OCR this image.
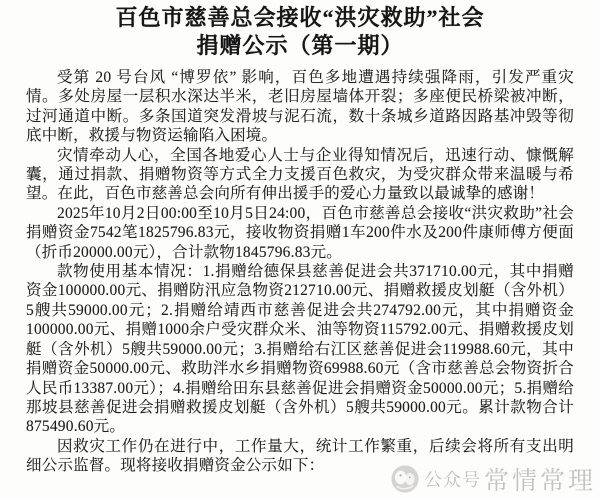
百色市慈善总会接收“洪灾救助”社会
捐赠公示（第一期）

受第 20 号台风 “博罗依” 影响，百色多地遭遇持续强降雨，引发严重灾情。多处房屋一层积水深达半米，老旧房屋墙体开裂；多座便民桥梁被冲断，过河通道中断。多条国道突发滑坡与泥石流，数十条城乡道路因路基冲毁等彻底中断，救援与物资运输陷入困境。

灾情牵动人心，全国各地爱心人士与企业得知情况后，迅速行动、慷慨解囊，通过捐款、捐赠物资等方式全力支援百色救灾，为受灾群众带来温暖与希望。在此，百色市慈善总会向所有伸出援手的爱心力量致以最诚挚的感谢！

2025年10月2日00:00至10月5日24:00，百色市慈善总会接收“洪灾救助”社会捐赠资金7542笔1825796.83元，接收物资捐赠1车200件水及200件康师傅方便面（折币20000.00元），合计款物1845796.83元。

款物使用基本情况：1.捐赠给德保县慈善促进会共371710.00元，其中捐赠资金100000.00元、捐赠防汛应急物资212710.00元、捐赠救援皮划艇（含外机）5艘共59000.00元；2.捐赠给靖西市慈善促进会共274792.00元，其中捐赠资金100000.00元、捐赠1000余户受灾群众米、油等物资115792.00元、捐赠救援皮划艇（含外机）5艘共59000.00元；3.捐赠给右江区慈善促进会119988.60元，其中捐赠资金50000.00元、救助泮水乡捐赠物资69988.60元（含市慈善总会物资折合人民币13387.00元）；4.捐赠给田东县慈善促进会捐赠资金50000.00元；5.捐赠给那坡县慈善促进会捐赠救援皮划艇（含外机）5艘共59000.00元。累计款物合计875490.60元。

因救灾工作仍在进行中，工作量大，统计工作繁重，后续会将所有支出明细公示监督。现将接收捐赠资金公示如下：

公众号 常情常理
